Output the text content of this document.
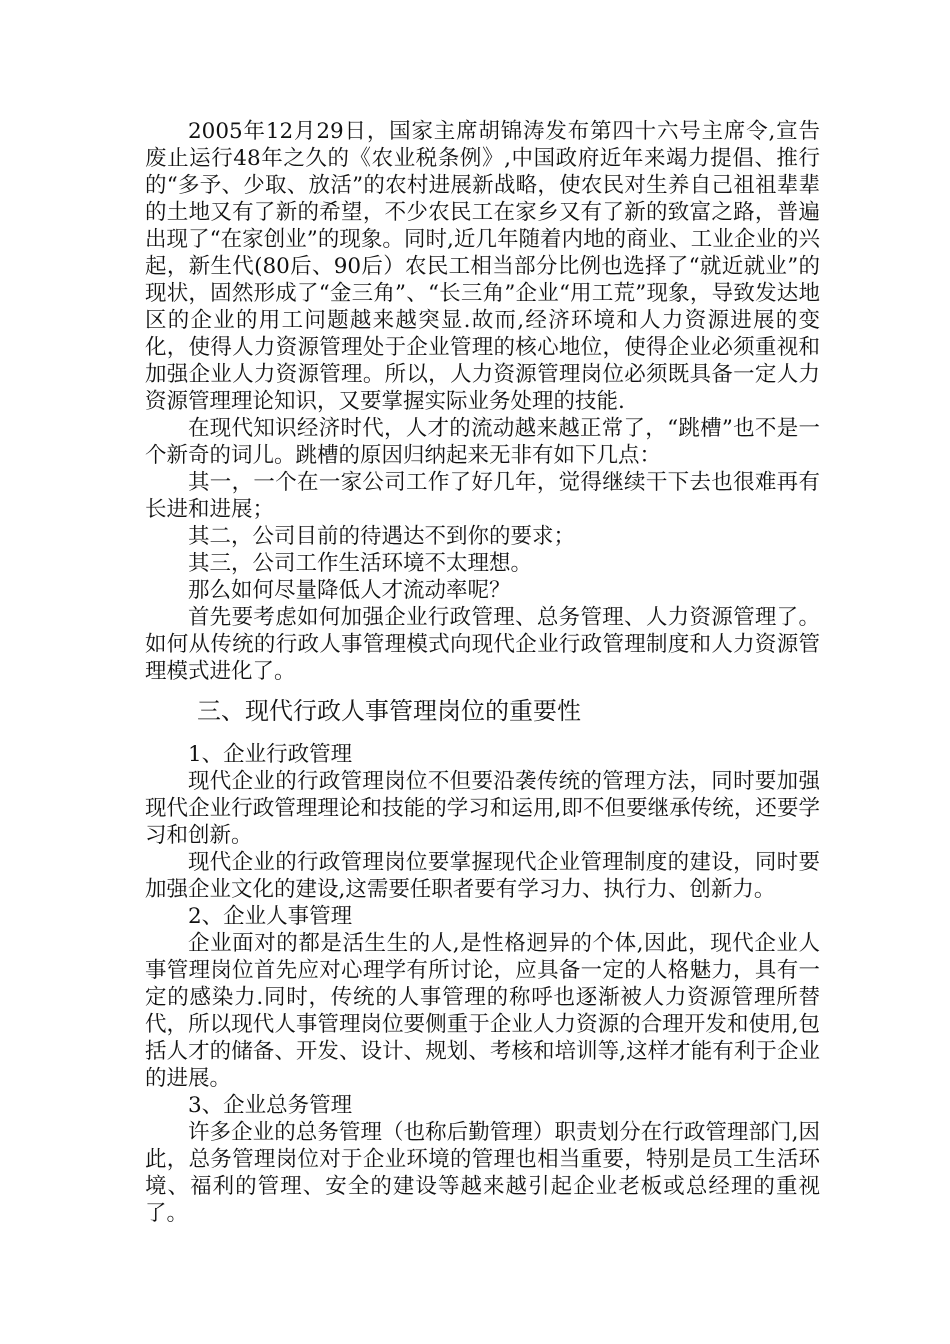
2005年12月29日，国家主席胡锦涛发布第四十六号主席令,宣告废止运行48年之久的《农业税条例》,中国政府近年来竭力提倡、推行的“多予、少取、放活”的农村进展新战略，使农民对生养自己祖祖辈辈的土地又有了新的希望，不少农民工在家乡又有了新的致富之路，普遍出现了“在家创业”的现象。同时,近几年随着内地的商业、工业企业的兴起，新生代(80后、90后）农民工相当部分比例也选择了“就近就业”的现状，固然形成了“金三角”、“长三角”企业“用工荒”现象，导致发达地区的企业的用工问题越来越突显.故而,经济环境和人力资源进展的变化，使得人力资源管理处于企业管理的核心地位，使得企业必须重视和加强企业人力资源管理。所以，人力资源管理岗位必须既具备一定人力资源管理理论知识，又要掌握实际业务处理的技能.

在现代知识经济时代，人才的流动越来越正常了，“跳槽”也不是一个新奇的词儿。跳槽的原因归纳起来无非有如下几点：

其一，一个在一家公司工作了好几年，觉得继续干下去也很难再有长进和进展；

其二，公司目前的待遇达不到你的要求；

其三，公司工作生活环境不太理想。

那么如何尽量降低人才流动率呢？

首先要考虑如何加强企业行政管理、总务管理、人力资源管理了。如何从传统的行政人事管理模式向现代企业行政管理制度和人力资源管理模式进化了。

三、现代行政人事管理岗位的重要性

1、企业行政管理

现代企业的行政管理岗位不但要沿袭传统的管理方法，同时要加强现代企业行政管理理论和技能的学习和运用,即不但要继承传统，还要学习和创新。

现代企业的行政管理岗位要掌握现代企业管理制度的建设，同时要加强企业文化的建设,这需要任职者要有学习力、执行力、创新力。

2、企业人事管理

企业面对的都是活生生的人,是性格迥异的个体,因此，现代企业人事管理岗位首先应对心理学有所讨论，应具备一定的人格魅力，具有一定的感染力.同时，传统的人事管理的称呼也逐渐被人力资源管理所替代，所以现代人事管理岗位要侧重于企业人力资源的合理开发和使用,包括人才的储备、开发、设计、规划、考核和培训等,这样才能有利于企业的进展。

3、企业总务管理

许多企业的总务管理（也称后勤管理）职责划分在行政管理部门,因此，总务管理岗位对于企业环境的管理也相当重要，特别是员工生活环境、福利的管理、安全的建设等越来越引起企业老板或总经理的重视了。
